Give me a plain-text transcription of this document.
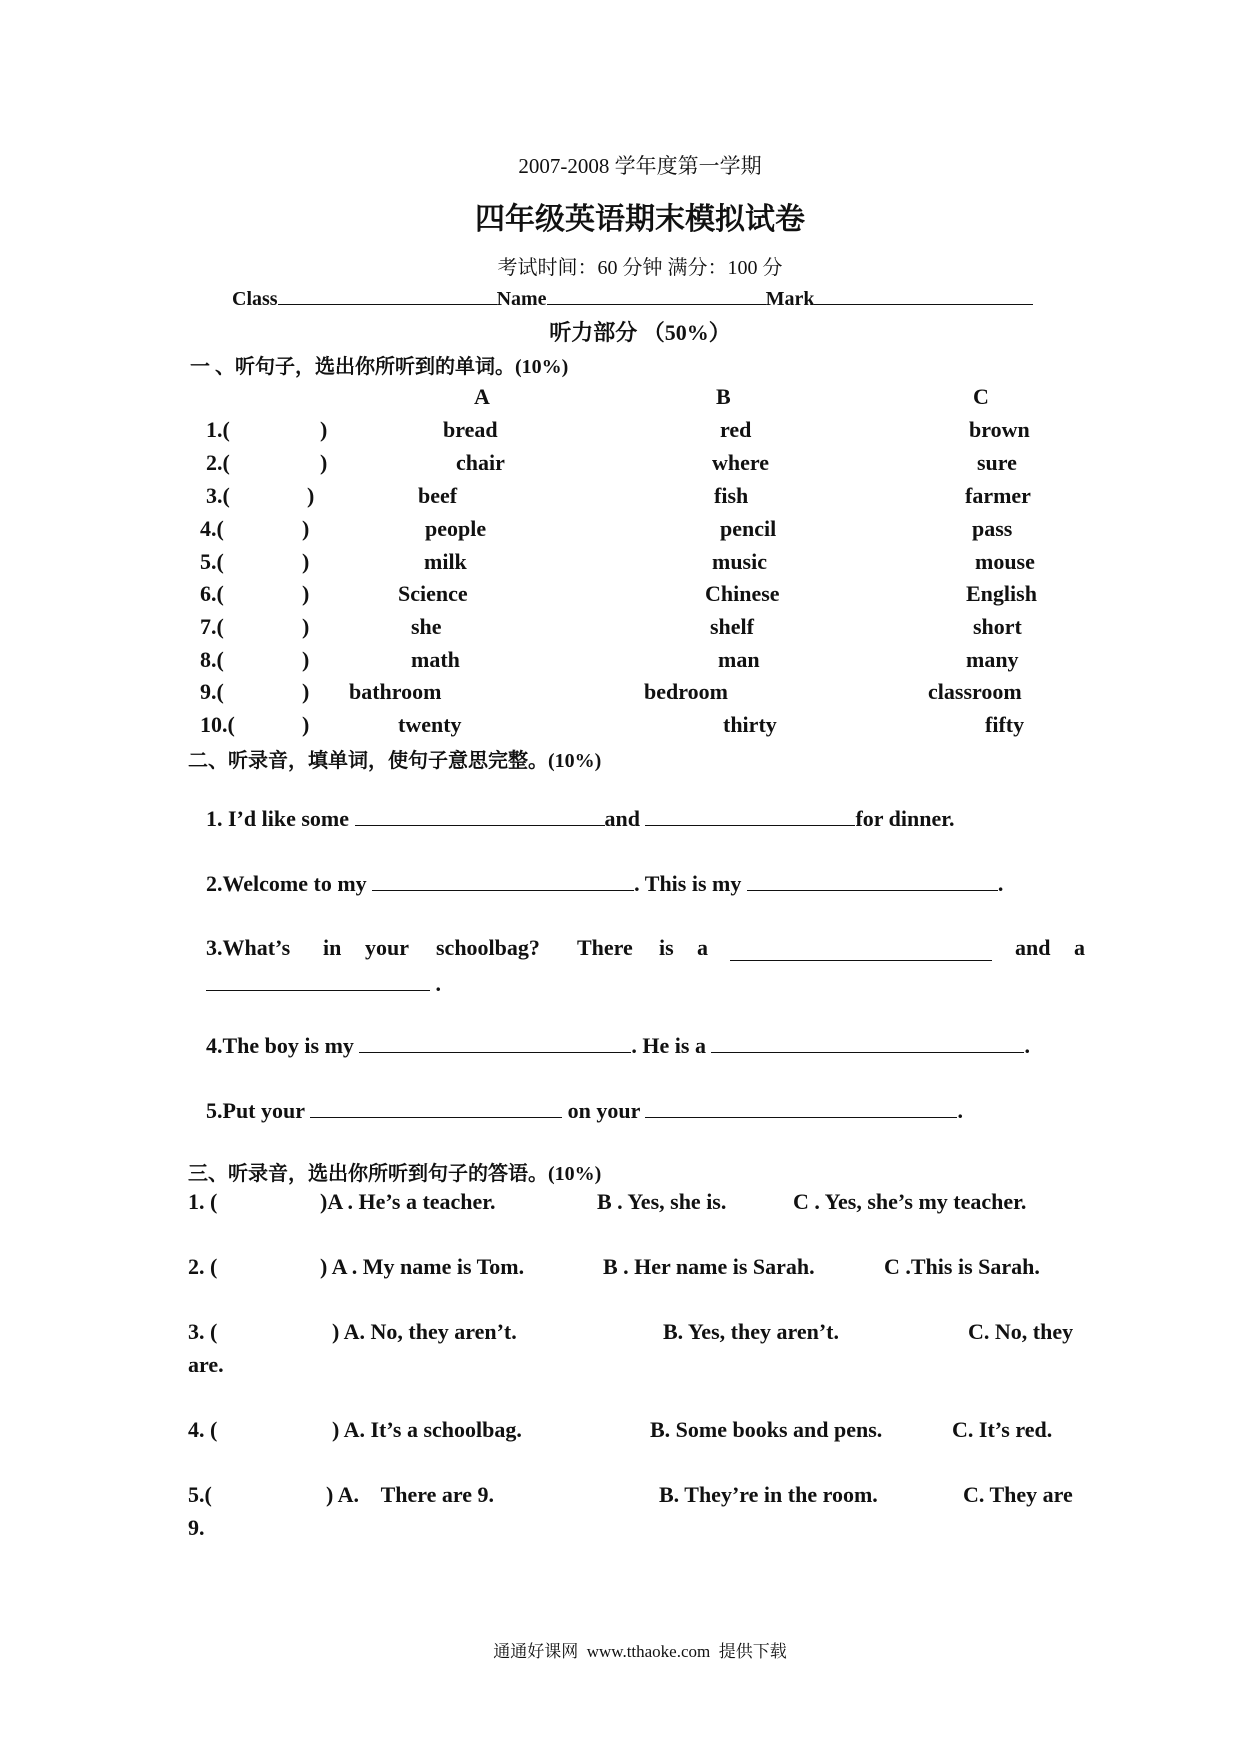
2007-2008 学年度第一学期
四年级英语期末模拟试卷
考试时间：60 分钟 满分：100 分
Class	Name	Mark
听力部分 （50%）
一 、听句子，选出你所听到的单词。(10%)
A	B	C
1.(	)	bread	red	brown
2.(	)	chair	where	sure
3.(	)	beef	fish	farmer
4.(	)	people	pencil	pass
5.(	)	milk	music	mouse
6.(	)	Science	Chinese	English
7.(	)	she	shelf	short
8.(	)	math	man	many
9.(	) bathroom	bedroom	classroom
10.(	)	twenty	thirty	fifty
二、听录音，填单词，使句子意思完整。(10%)
1. I’d like some	and	for dinner.
2.Welcome to my	. This is my	.
3.What’s in your schoolbag? There is a	and a
.
4.The boy is my	. He is a	.
5.Put your	on your	.
三、听录音，选出你所听到句子的答语。(10%)
1. (	)A . He’s a teacher.	B . Yes, she is.	C . Yes, she’s my teacher.
2. (	) A . My name is Tom.	B . Her name is Sarah.	C .This is Sarah.
3. (	) A. No, they aren’t.	B. Yes, they aren’t.	C. No, they
are.
4. (	) A. It’s a schoolbag.	B. Some books and pens.	C. It’s red.
5.(	) A.    There are 9.	B. They’re in the room.	C. They are
9.
通通好课网  www.tthaoke.com  提供下载
